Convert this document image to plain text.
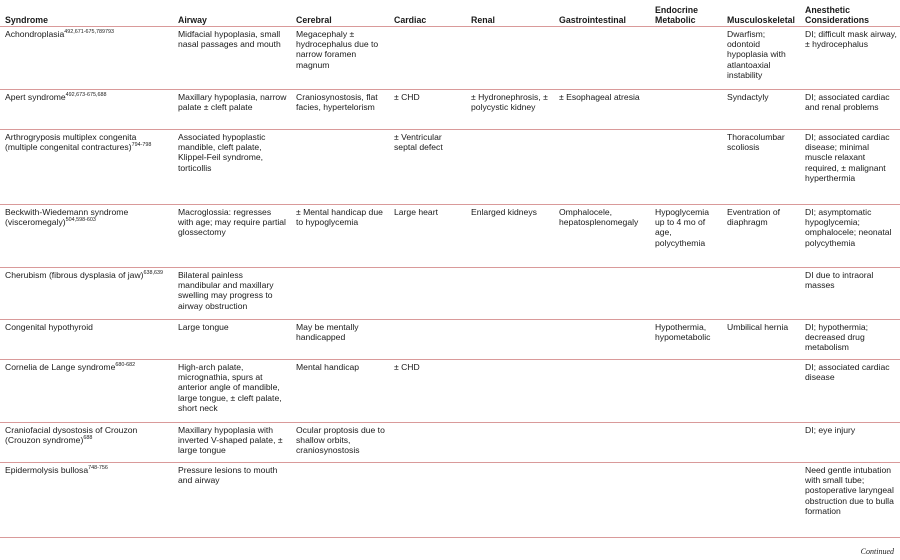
Syndrome	Airway	Cerebral	Cardiac	Renal	Gastrointestinal	Endocrine Metabolic	Musculoskeletal	Anesthetic Considerations
Achondroplasia$^{492,671-675,789793}$	Midfacial hypoplasia, small nasal passages and mouth	Megacephaly ± hydrocephalus due to narrow foramen magnum					Dwarfism; odontoid hypoplasia with atlantoaxial instability	DI; difficult mask airway, ± hydrocephalus
Apert syndrome$^{492,673-675,688}$	Maxillary hypoplasia, narrow palate ± cleft palate	Craniosynostosis, flat facies, hypertelorism	± CHD	± Hydronephrosis, ± polycystic kidney	± Esophageal atresia		Syndactyly	DI; associated cardiac and renal problems
Arthrogryposis multiplex congenita (multiple congenital contractures)$^{794-798}$	Associated hypoplastic mandible, cleft palate, Klippel-Feil syndrome, torticollis		± Ventricular septal defect				Thoracolumbar scoliosis	DI; associated cardiac disease; minimal muscle relaxant required, ± malignant hyperthermia
Beckwith-Wiedemann syndrome (visceromegaly)$^{504,598-603}$	Macroglossia: regresses with age; may require partial glossectomy	± Mental handicap due to hypoglycemia	Large heart	Enlarged kidneys	Omphalocele, hepatosplenomegaly	Hypoglycemia up to 4 mo of age, polycythemia	Eventration of diaphragm	DI; asymptomatic hypoglycemia; omphalocele; neonatal polycythemia
Cherubism (fibrous dysplasia of jaw)$^{638,639}$	Bilateral painless mandibular and maxillary swelling may progress to airway obstruction							DI due to intraoral masses
Congenital hypothyroid	Large tongue	May be mentally handicapped				Hypothermia, hypometabolic	Umbilical hernia	DI; hypothermia; decreased drug metabolism
Cornelia de Lange syndrome$^{680-682}$	High-arch palate, micrognathia, spurs at anterior angle of mandible, large tongue, ± cleft palate, short neck	Mental handicap	± CHD					DI; associated cardiac disease
Craniofacial dysostosis of Crouzon (Crouzon syndrome)$^{688}$	Maxillary hypoplasia with inverted V-shaped palate, ± large tongue	Ocular proptosis due to shallow orbits, craniosynostosis						DI; eye injury
Epidermolysis bullosa$^{748-756}$	Pressure lesions to mouth and airway							Need gentle intubation with small tube; postoperative laryngeal obstruction due to bulla formation
Continued
